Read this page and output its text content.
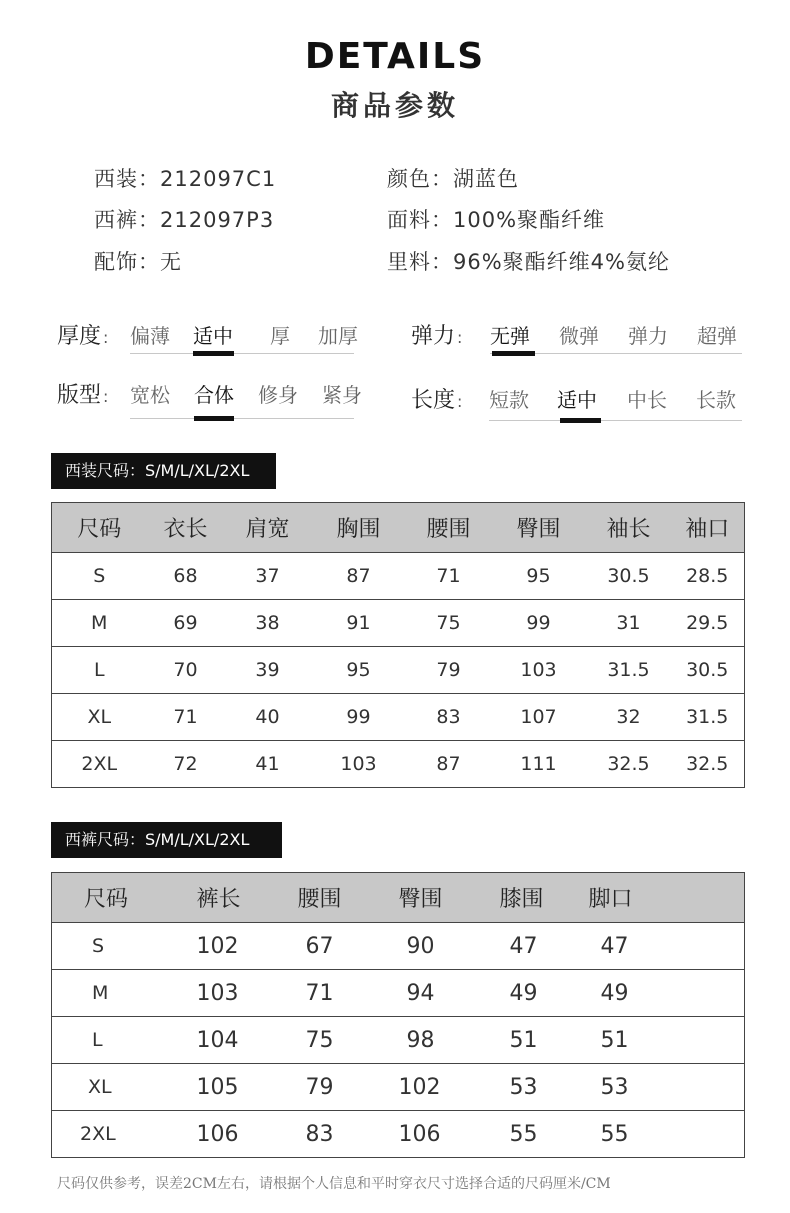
DETAILS
商品参数
西装：212097C1	颜色：湖蓝色
西裤：212097P3	面料：100%聚酯纤维
配饰：无	里料：96%聚酯纤维4%氨纶
厚度 : 偏薄 适中 厚 加厚 弹力 : 无弹 微弹 弹力 超弹
版型 : 宽松 合体 修身 紧身 长度 : 短款 适中 中长 长款
西装尺码：S/M/L/XL/2XL
尺码	衣长	肩宽	胸围	腰围	臀围	袖长	袖口
S	68	37	87	71	95	30.5	28.5
M	69	38	91	75	99	31	29.5
L	70	39	95	79	103	31.5	30.5
XL	71	40	99	83	107	32	31.5
2XL	72	41	103	87	111	32.5	32.5
西裤尺码：S/M/L/XL/2XL
尺码	裤长	腰围	臀围	膝围	脚口
S	102	67	90	47	47
M	103	71	94	49	49
L	104	75	98	51	51
XL	105	79	102	53	53
2XL	106	83	106	55	55
尺码仅供参考，误差2CM左右，请根据个人信息和平时穿衣尺寸选择合适的尺码厘米/CM
